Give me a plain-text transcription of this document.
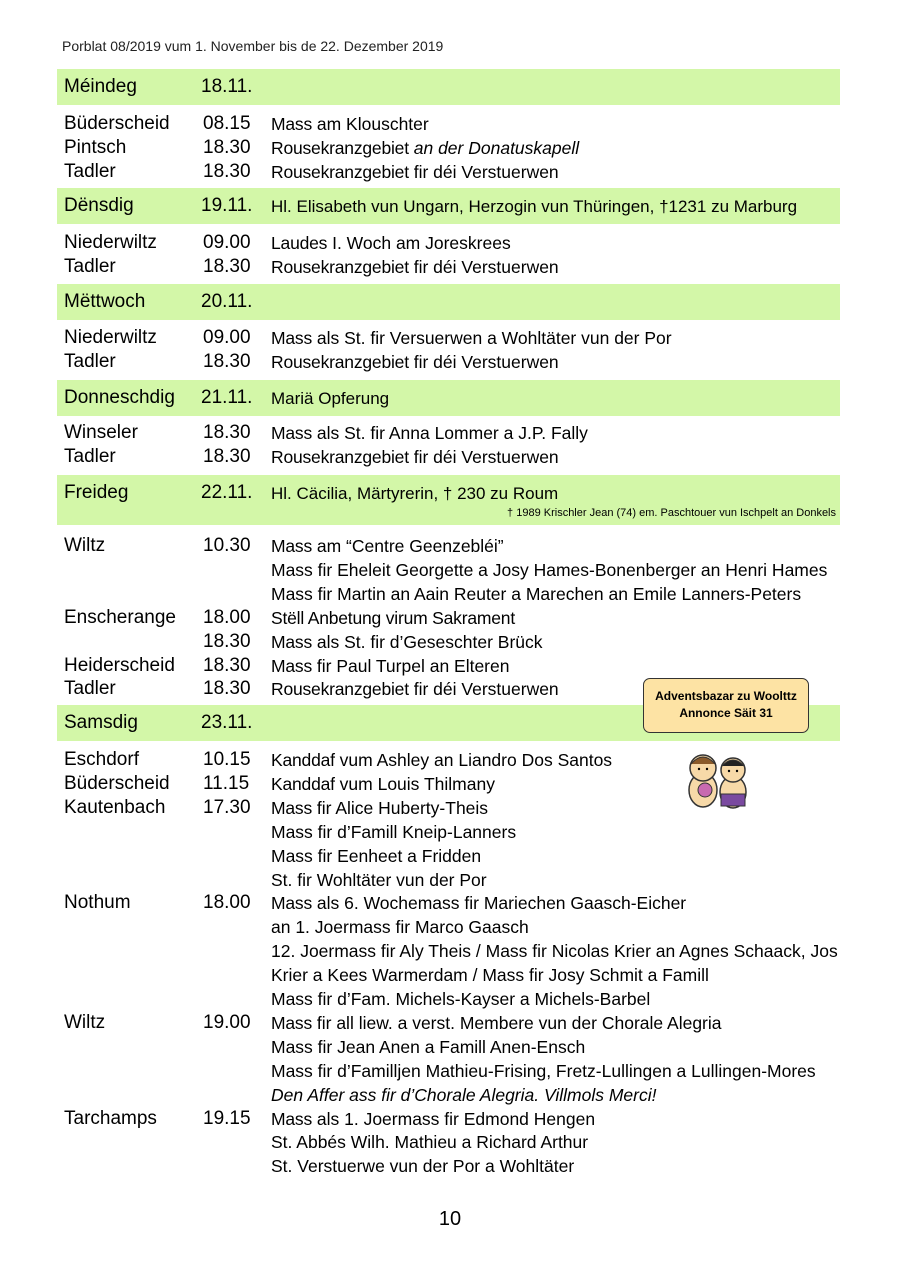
Porblat 08/2019 vum 1. November bis de 22. Dezember 2019
Méindeg	18.11.
Büderscheid 08.15 Mass am Klouschter
Pintsch	18.30 Rousekranzgebiet an der Donatuskapell
Tadler	18.30 Rousekranzgebiet fir déi Verstuerwen
Dënsdig	19.11. Hl. Elisabeth vun Ungarn, Herzogin vun Thüringen, †1231 zu Marburg
Niederwiltz 09.00 Laudes I. Woch am Joreskrees
Tadler	18.30 Rousekranzgebiet fir déi Verstuerwen
Mëttwoch	20.11.
Niederwiltz 09.00 Mass als St. fir Versuerwen a Wohltäter vun der Por
Tadler	18.30 Rousekranzgebiet fir déi Verstuerwen
Donneschdig 21.11. Mariä Opferung
Winseler	18.30 Mass als St. fir Anna Lommer a J.P. Fally
Tadler	18.30 Rousekranzgebiet fir déi Verstuerwen
Freideg	22.11. Hl. Cäcilia, Märtyrerin, † 230 zu Roum
† 1989 Krischler Jean (74) em. Paschtouer vun Ischpelt an Donkels
Wiltz	10.30 Mass am “Centre Geenzebléi”
Mass fir Eheleit Georgette a Josy Hames-Bonenberger an Henri Hames
Mass fir Martin an Aain Reuter a Marechen an Emile Lanners-Peters
Enscherange 18.00 Stëll Anbetung virum Sakrament
18.30 Mass als St. fir d’Geseschter Brück
Heiderscheid 18.30 Mass fir Paul Turpel an Elteren
Tadler	18.30 Rousekranzgebiet fir déi Verstuerwen
Samsdig	23.11.
Eschdorf	10.15 Kanddaf vum Ashley an Liandro Dos Santos
Büderscheid 11.15 Kanddaf vum Louis Thilmany
Kautenbach 17.30 Mass fir Alice Huberty-Theis
Mass fir d’Famill Kneip-Lanners
Mass fir Eenheet a Fridden
St. fir Wohltäter vun der Por
Nothum	18.00 Mass als 6. Wochemass fir Mariechen Gaasch-Eicher
an 1. Joermass fir Marco Gaasch
12. Joermass fir Aly Theis / Mass fir Nicolas Krier an Agnes Schaack, Jos
Krier a Kees Warmerdam / Mass fir Josy Schmit a Famill
Mass fir d’Fam. Michels-Kayser a Michels-Barbel
Wiltz	19.00 Mass fir all liew. a verst. Membere vun der Chorale Alegria
Mass fir Jean Anen a Famill Anen-Ensch
Mass fir d’Familljen Mathieu-Frising, Fretz-Lullingen a Lullingen-Mores
Den Affer ass fir d’Chorale Alegria. Villmols Merci!
Tarchamps 19.15 Mass als 1. Joermass fir Edmond Hengen
St. Abbés Wilh. Mathieu a Richard Arthur
St. Verstuerwe vun der Por a Wohltäter
Adventsbazar zu Woolttz
Annonce Säit 31
10
